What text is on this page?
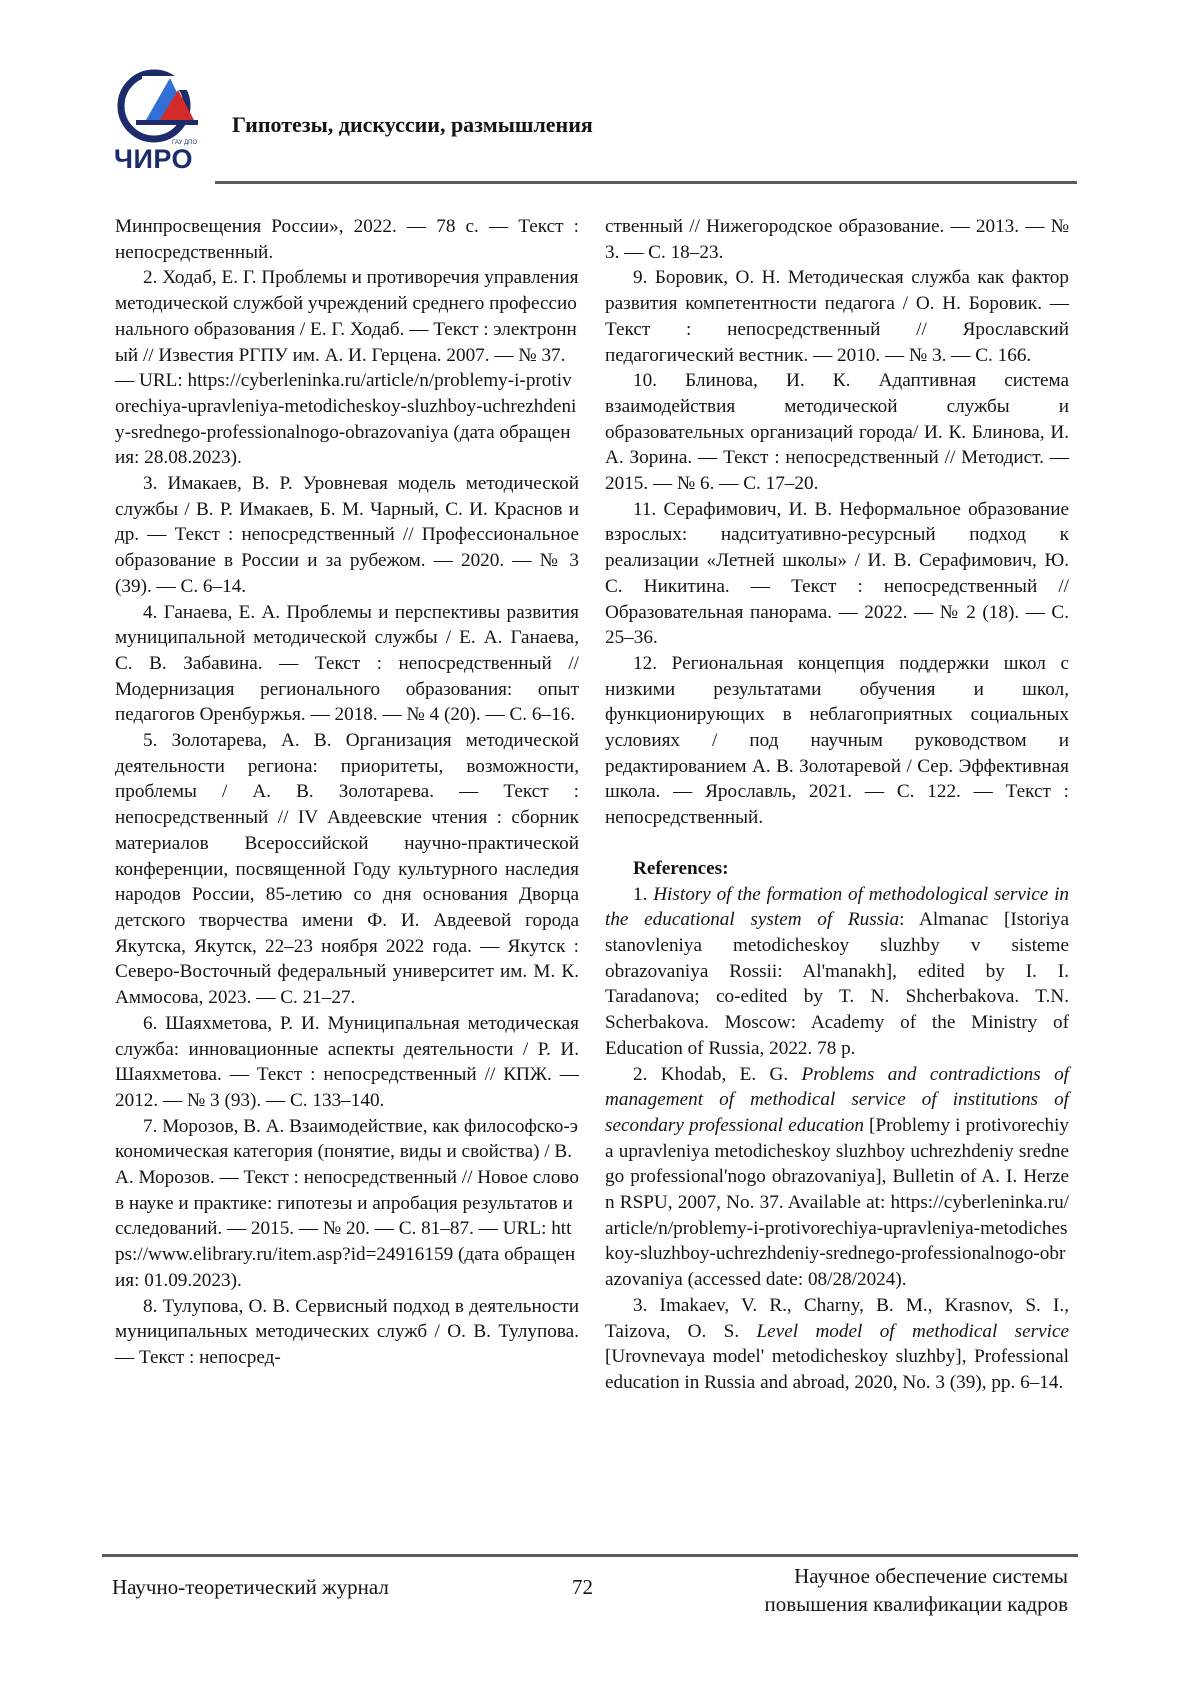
ГАУ ДПО
ЧИРО
Гипотезы, дискуссии, размышления

Минпросвещения России», 2022. — 78 с. — Текст : непосредственный.

2. Ходаб, Е. Г. Проблемы и противоречия управления методической службой учреждений среднего профессионального образования / Е. Г. Ходаб. — Текст : электронный // Известия РГПУ им. А. И. Герцена. 2007. — № 37. — URL: https://cyberleninka.ru/article/n/problemy-i-protivorechiya-upravleniya-metodicheskoy-sluzhboy-uchrezhdeniy-srednego-professionalnogo-obrazovaniya (дата обращения: 28.08.2023).

3. Имакаев, В. Р. Уровневая модель методической службы / В. Р. Имакаев, Б. М. Чарный, С. И. Краснов и др. — Текст : непосредственный // Профессиональное образование в России и за рубежом. — 2020. — № 3 (39). — С. 6–14.

4. Ганаева, Е. А. Проблемы и перспективы развития муниципальной методической службы / Е. А. Ганаева, С. В. Забавина. — Текст : непосредственный // Модернизация регионального образования: опыт педагогов Оренбуржья. — 2018. — № 4 (20). — С. 6–16.

5. Золотарева, А. В. Организация методической деятельности региона: приоритеты, возможности, проблемы / А. В. Золотарева. — Текст : непосредственный // IV Авдеевские чтения : сборник материалов Всероссийской научно-практической конференции, посвященной Году культурного наследия народов России, 85-летию со дня основания Дворца детского творчества имени Ф. И. Авдеевой города Якутска, Якутск, 22–23 ноября 2022 года. — Якутск : Северо-Восточный федеральный университет им. М. К. Аммосова, 2023. — С. 21–27.

6. Шаяхметова, Р. И. Муниципальная методическая служба: инновационные аспекты деятельности / Р. И. Шаяхметова. — Текст : непосредственный // КПЖ. — 2012. — № 3 (93). — С. 133–140.

7. Морозов, В. А. Взаимодействие, как философско-экономическая категория (понятие, виды и свойства) / В. А. Морозов. — Текст : непосредственный // Новое слово в науке и практике: гипотезы и апробация результатов исследований. — 2015. — № 20. — С. 81–87. — URL: https://www.elibrary.ru/item.asp?id=24916159 (дата обращения: 01.09.2023).

8. Тулупова, О. В. Сервисный подход в деятельности муниципальных методических служб / О. В. Тулупова. — Текст : непосред-

ственный // Нижегородское образование. — 2013. — № 3. — С. 18–23.

9. Боровик, О. Н. Методическая служба как фактор развития компетентности педагога / О. Н. Боровик. — Текст : непосредственный // Ярославский педагогический вестник. — 2010. — № 3. — С. 166.

10. Блинова, И. К. Адаптивная система взаимодействия методической службы и образовательных организаций города/ И. К. Блинова, И. А. Зорина. — Текст : непосредственный // Методист. — 2015. — № 6. — С. 17–20.

11. Серафимович, И. В. Неформальное образование взрослых: надситуативно-ресурсный подход к реализации «Летней школы» / И. В. Серафимович, Ю. С. Никитина. — Текст : непосредственный // Образовательная панорама. — 2022. — № 2 (18). — С. 25–36.

12. Региональная концепция поддержки школ с низкими результатами обучения и школ, функционирующих в неблагоприятных социальных условиях / под научным руководством и редактированием А. В. Золотаревой / Сер. Эффективная школа. — Ярославль, 2021. — С. 122. — Текст : непосредственный.

References:

1. History of the formation of methodological service in the educational system of Russia: Almanac [Istoriya stanovleniya metodicheskoy sluzhby v sisteme obrazovaniya Rossii: Al'manakh], edited by I. I. Taradanova; co-edited by T. N. Shcherbakova. T.N. Scherbakova. Moscow: Academy of the Ministry of Education of Russia, 2022. 78 p.

2. Khodab, E. G. Problems and contradictions of management of methodical service of institutions of secondary professional education [Problemy i protivorechiya upravleniya metodicheskoy sluzhboy uchrezhdeniy srednego professional'nogo obrazovaniya], Bulletin of A. I. Herzen RSPU, 2007, No. 37. Available at: https://cyberleninka.ru/article/n/problemy-i-protivorechiya-upravleniya-metodicheskoy-sluzhboy-uchrezhdeniy-srednego-professionalnogo-obrazovaniya (accessed date: 08/28/2024).

3. Imakaev, V. R., Charny, B. M., Krasnov, S. I., Taizova, O. S. Level model of methodical service [Urovnevaya model' metodicheskoy sluzhby], Professional education in Russia and abroad, 2020, No. 3 (39), pp. 6–14.

Научно-теоретический журнал	72	Научное обеспечение системы
повышения квалификации кадров
